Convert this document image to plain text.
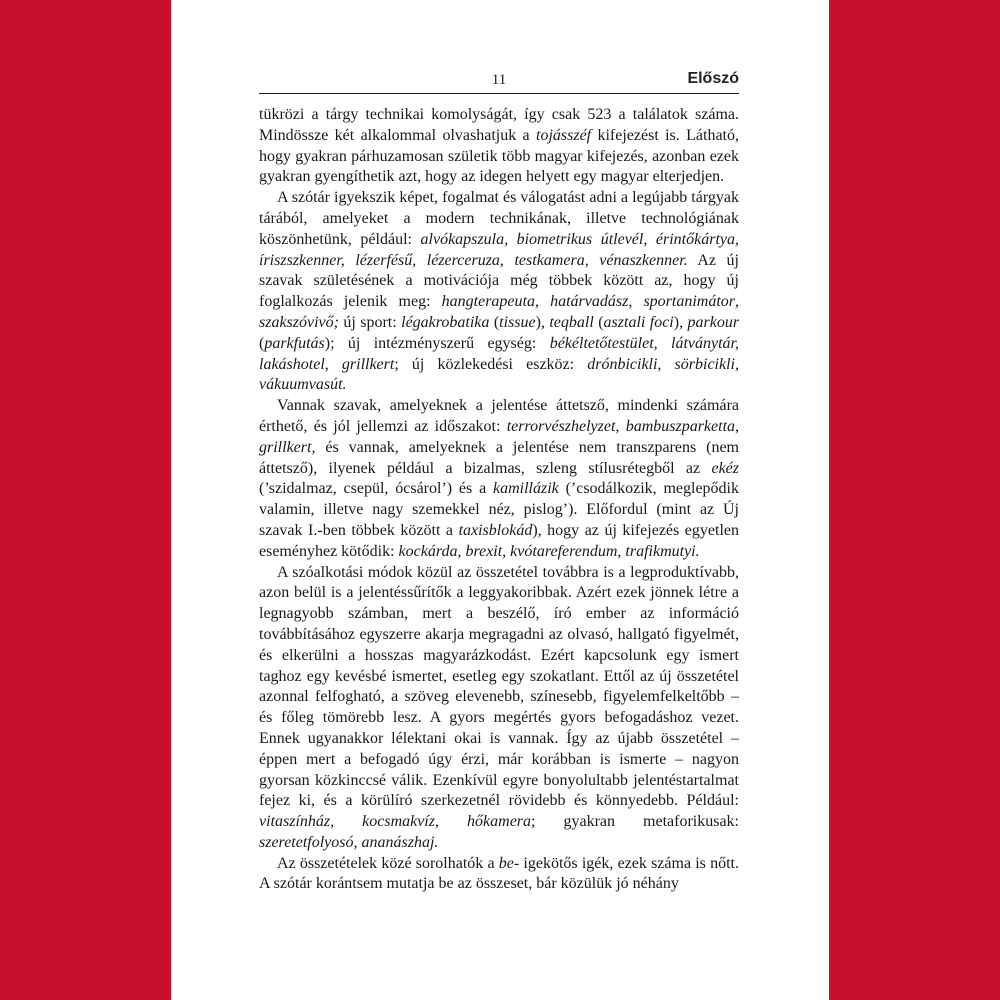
11	Előszó

tükrözi a tárgy technikai komolyságát, így csak 523 a találatok száma. Mindössze két alkalommal olvashatjuk a tojásszéf kifejezést is. Látható, hogy gyakran párhuzamosan születik több magyar kifejezés, azonban ezek gyakran gyengíthetik azt, hogy az idegen helyett egy magyar elterjedjen.

A szótár igyekszik képet, fogalmat és válogatást adni a legújabb tárgyak tárából, amelyeket a modern technikának, illetve technológiának köszönhetünk, például: alvókapszula, biometrikus útlevél, érintőkártya, íriszszkenner, lézerfésű, lézerceruza, testkamera, vénaszkenner. Az új szavak születésének a motivációja még többek között az, hogy új foglalkozás jelenik meg: hangterapeuta, határvadász, sportanimátor, szakszóvivő; új sport: légakrobatika (tissue), teqball (asztali foci), parkour (parkfutás); új intézményszerű egység: békéltetőtestület, látványtár, lakáshotel, grillkert; új közlekedési eszköz: drónbicikli, sörbicikli, vákuumvasút.

Vannak szavak, amelyeknek a jelentése áttetsző, mindenki számára érthető, és jól jellemzi az időszakot: terrorvészhelyzet, bambuszparketta, grillkert, és vannak, amelyeknek a jelentése nem transzparens (nem áttetsző), ilyenek például a bizalmas, szleng stílusrétegből az ekéz (’szidalmaz, csepül, ócsárol’) és a kamillázik (’csodálkozik, meglepődik valamin, illetve nagy szemekkel néz, pislog’). Előfordul (mint az Új szavak I.-ben többek között a taxisblokád), hogy az új kifejezés egyetlen eseményhez kötődik: kockárda, brexit, kvótareferendum, trafikmutyi.

A szóalkotási módok közül az összetétel továbbra is a legproduktívabb, azon belül is a jelentéssűrítők a leggyakoribbak. Azért ezek jönnek létre a legnagyobb számban, mert a beszélő, író ember az információ továbbításához egyszerre akarja megragadni az olvasó, hallgató figyelmét, és elkerülni a hosszas magyarázkodást. Ezért kapcsolunk egy ismert taghoz egy kevésbé ismertet, esetleg egy szokatlant. Ettől az új összetétel azonnal felfogható, a szöveg elevenebb, színesebb, figyelemfelkeltőbb – és főleg tömörebb lesz. A gyors megértés gyors befogadáshoz vezet. Ennek ugyanakkor lélektani okai is vannak. Így az újabb összetétel – éppen mert a befogadó úgy érzi, már korábban is ismerte – nagyon gyorsan közkinccsé válik. Ezenkívül egyre bonyolultabb jelentéstartalmat fejez ki, és a körülíró szerkezetnél rövidebb és könnyedebb. Például: vitaszínház, kocsmakvíz, hőkamera; gyakran metaforikusak: szeretetfolyosó, ananászhaj.

Az összetételek közé sorolhatók a be- igekötős igék, ezek száma is nőtt. A szótár korántsem mutatja be az összeset, bár közülük jó néhány
